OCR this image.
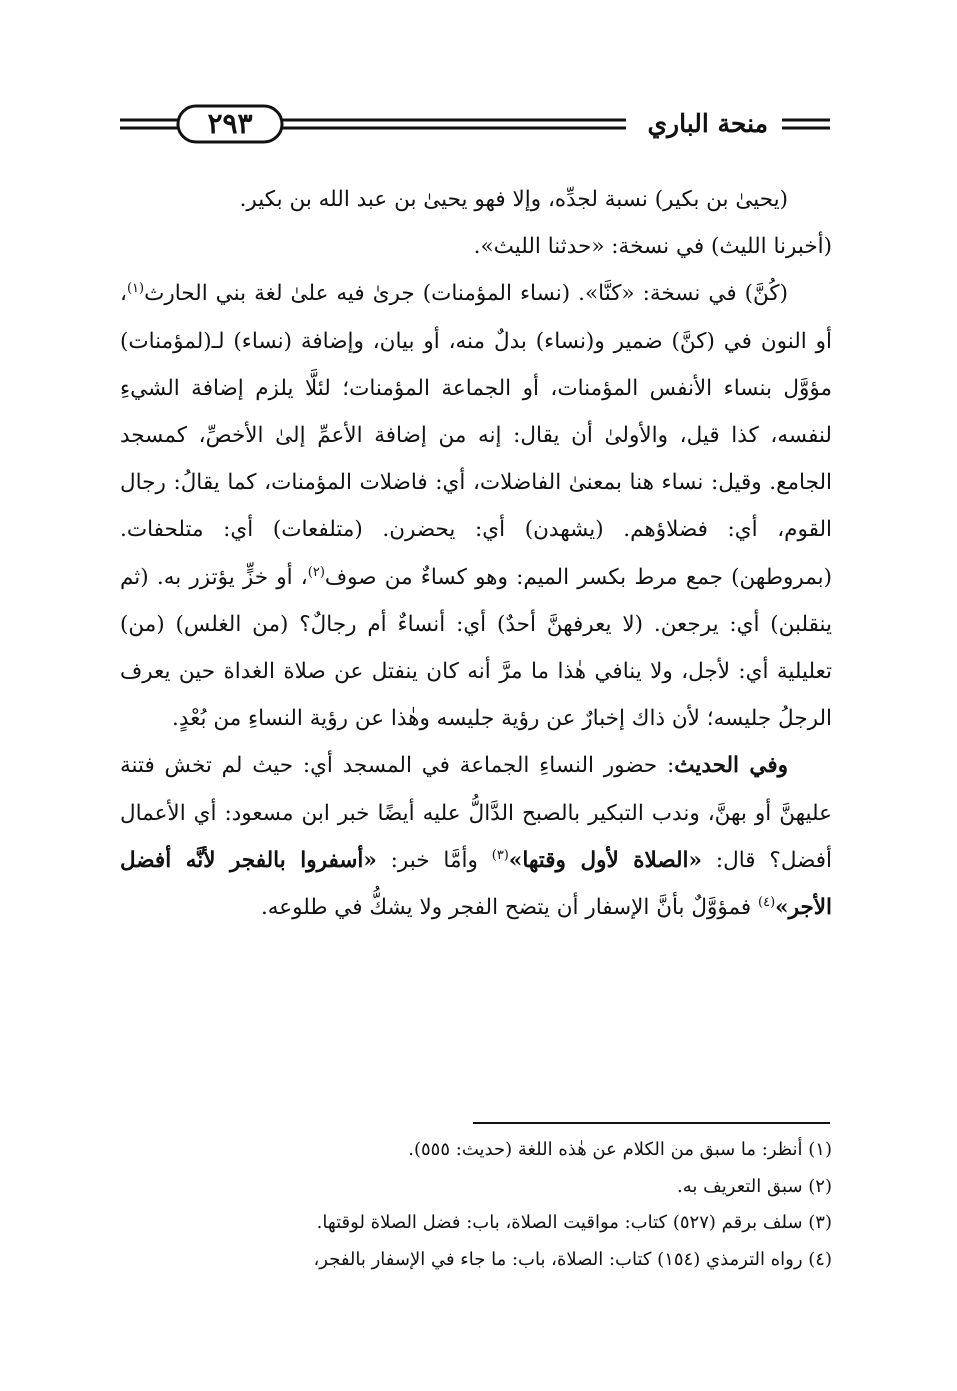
٢٩٣	منحة الباري

(يحيىٰ بن بكير) نسبة لجدِّه، وإلا فهو يحيىٰ بن عبد الله بن بكير.

(أخبرنا الليث) في نسخة: «حدثنا الليث».

(كُنَّ) في نسخة: «كنَّا». (نساء المؤمنات) جرىٰ فيه علىٰ لغة بني الحارث$^{(١)}$، أو النون في (كنَّ) ضمير و(نساء) بدلٌ منه، أو بيان، وإضافة (نساء) لـ(لمؤمنات) مؤوَّل بنساء الأنفس المؤمنات، أو الجماعة المؤمنات؛ لئلَّا يلزم إضافة الشيءِ لنفسه، كذا قيل، والأولىٰ أن يقال: إنه من إضافة الأعمِّ إلىٰ الأخصِّ، كمسجد الجامع. وقيل: نساء هنا بمعنىٰ الفاضلات، أي: فاضلات المؤمنات، كما يقالُ: رجال القوم، أي: فضلاؤهم. (يشهدن) أي: يحضرن. (متلفعات) أي: متلحفات. (بمروطهن) جمع مرط بكسر الميم: وهو كساءٌ من صوف$^{(٢)}$، أو خزٍّ يؤتزر به. (ثم ينقلبن) أي: يرجعن. (لا يعرفهنَّ أحدٌ) أي: أنساءٌ أم رجالٌ؟ (من الغلس) (من) تعليلية أي: لأجل، ولا ينافي هٰذا ما مرَّ أنه كان ينفتل عن صلاة الغداة حين يعرف الرجلُ جليسه؛ لأن ذاك إخبارٌ عن رؤية جليسه وهٰذا عن رؤية النساءِ من بُعْدٍ.

وفي الحديث: حضور النساءِ الجماعة في المسجد أي: حيث لم تخش فتنة عليهنَّ أو بهنَّ، وندب التبكير بالصبح الدَّالُّ عليه أيضًا خبر ابن مسعود: أي الأعمال أفضل؟ قال: «الصلاة لأول وقتها»$^{(٣)}$ وأمَّا خبر: «أسفروا بالفجر لأنَّه أفضل الأجر»$^{(٤)}$ فمؤوَّلٌ بأنَّ الإسفار أن يتضح الفجر ولا يشكُّ في طلوعه.

(١) أنظر: ما سبق من الكلام عن هٰذه اللغة (حديث: ٥٥٥).

(٢) سبق التعريف به.

(٣) سلف برقم (٥٢٧) كتاب: مواقيت الصلاة، باب: فضل الصلاة لوقتها.

(٤) رواه الترمذي (١٥٤) كتاب: الصلاة، باب: ما جاء في الإسفار بالفجر،
